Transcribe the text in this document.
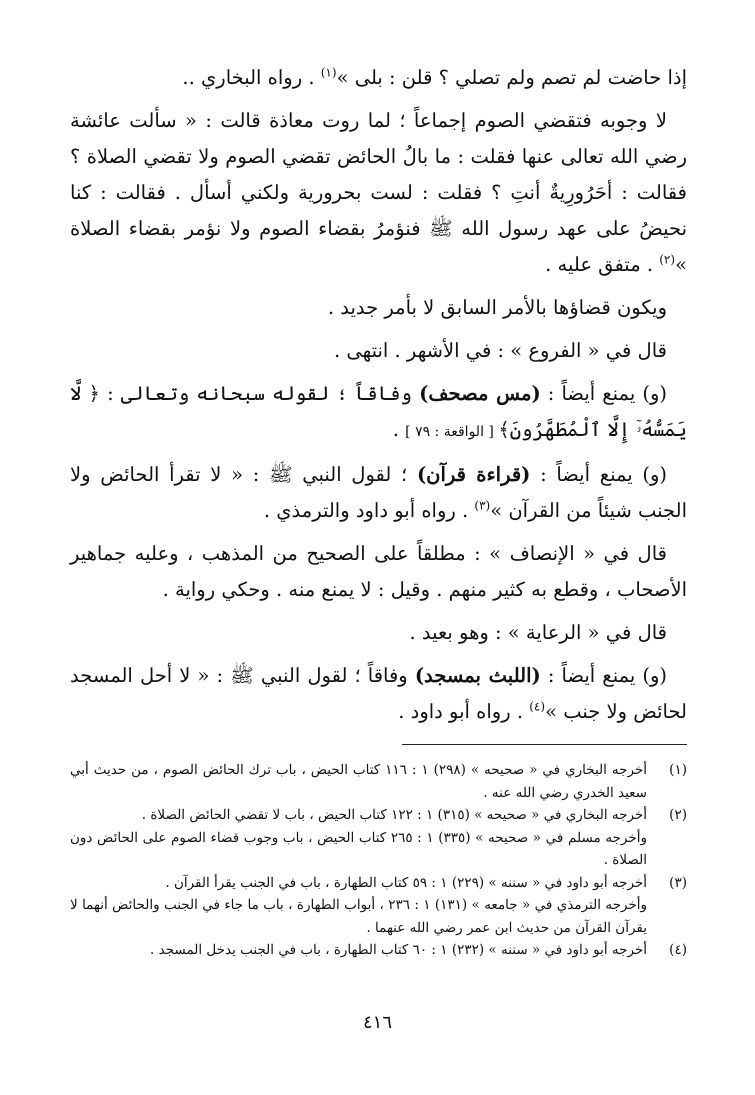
إذا حاضت لم تصم ولم تصلي ؟ قلن : بلى »$^{(١)}$ . رواه البخاري ..

لا وجوبه فتقضي الصوم إجماعاً ؛ لما روت معاذة قالت : « سألت عائشة رضي الله تعالى عنها فقلت : ما بالُ الحائض تقضي الصوم ولا تقضي الصلاة ؟ فقالت : أحَرُورِيةٌ أنتِ ؟ فقلت : لست بحرورية ولكني أسأل . فقالت : كنا نحيضُ على عهد رسول الله ﷺ فنؤمرُ بقضاء الصوم ولا نؤمر بقضاء الصلاة »$^{(٢)}$ . متفق عليه .

ويكون قضاؤها بالأمر السابق لا بأمر جديد .

قال في « الفروع » : في الأشهر . انتهى .

(و) يمنع أيضاً : (مس مصحف) وفاقاً ؛ لقوله سبحانه وتعالى : ﴿ لَّا يَمَسُّهُۥٓ إِلَّا ٱلْمُطَهَّرُونَ﴾ [ الواقعة : ٧٩ ] .

(و) يمنع أيضاً : (قراءة قرآن) ؛ لقول النبي ﷺ : « لا تقرأ الحائض ولا الجنب شيئاً من القرآن »$^{(٣)}$ . رواه أبو داود والترمذي .

قال في « الإنصاف » : مطلقاً على الصحيح من المذهب ، وعليه جماهير الأصحاب ، وقطع به كثير منهم . وقيل : لا يمنع منه . وحكي رواية .

قال في « الرعاية » : وهو بعيد .

(و) يمنع أيضاً : (اللبث بمسجد) وفاقاً ؛ لقول النبي ﷺ : « لا أحل المسجد لحائض ولا جنب »$^{(٤)}$ . رواه أبو داود .

(١)
أخرجه البخاري في « صحيحه » (٢٩٨) ١ : ١١٦ كتاب الحيض ، باب ترك الحائض الصوم ، من حديث أبي سعيد الخدري رضي الله عنه .
(٢)
أخرجه البخاري في « صحيحه » (٣١٥) ١ : ١٢٢ كتاب الحيض ، باب لا تقضي الحائض الصلاة .
وأخرجه مسلم في « صحيحه » (٣٣٥) ١ : ٢٦٥ كتاب الحيض ، باب وجوب قضاء الصوم على الحائض دون الصلاة .
(٣)
أخرجه أبو داود في « سننه » (٢٢٩) ١ : ٥٩ كتاب الطهارة ، باب في الجنب يقرأ القرآن .
وأخرجه الترمذي في « جامعه » (١٣١) ١ : ٢٣٦ ، أبواب الطهارة ، باب ما جاء في الجنب والحائض أنهما لا يقرآن القرآن من حديث ابن عمر رضي الله عنهما .
(٤)
أخرجه أبو داود في « سننه » (٢٣٢) ١ : ٦٠ كتاب الطهارة ، باب في الجنب يدخل المسجد .
٤١٦
